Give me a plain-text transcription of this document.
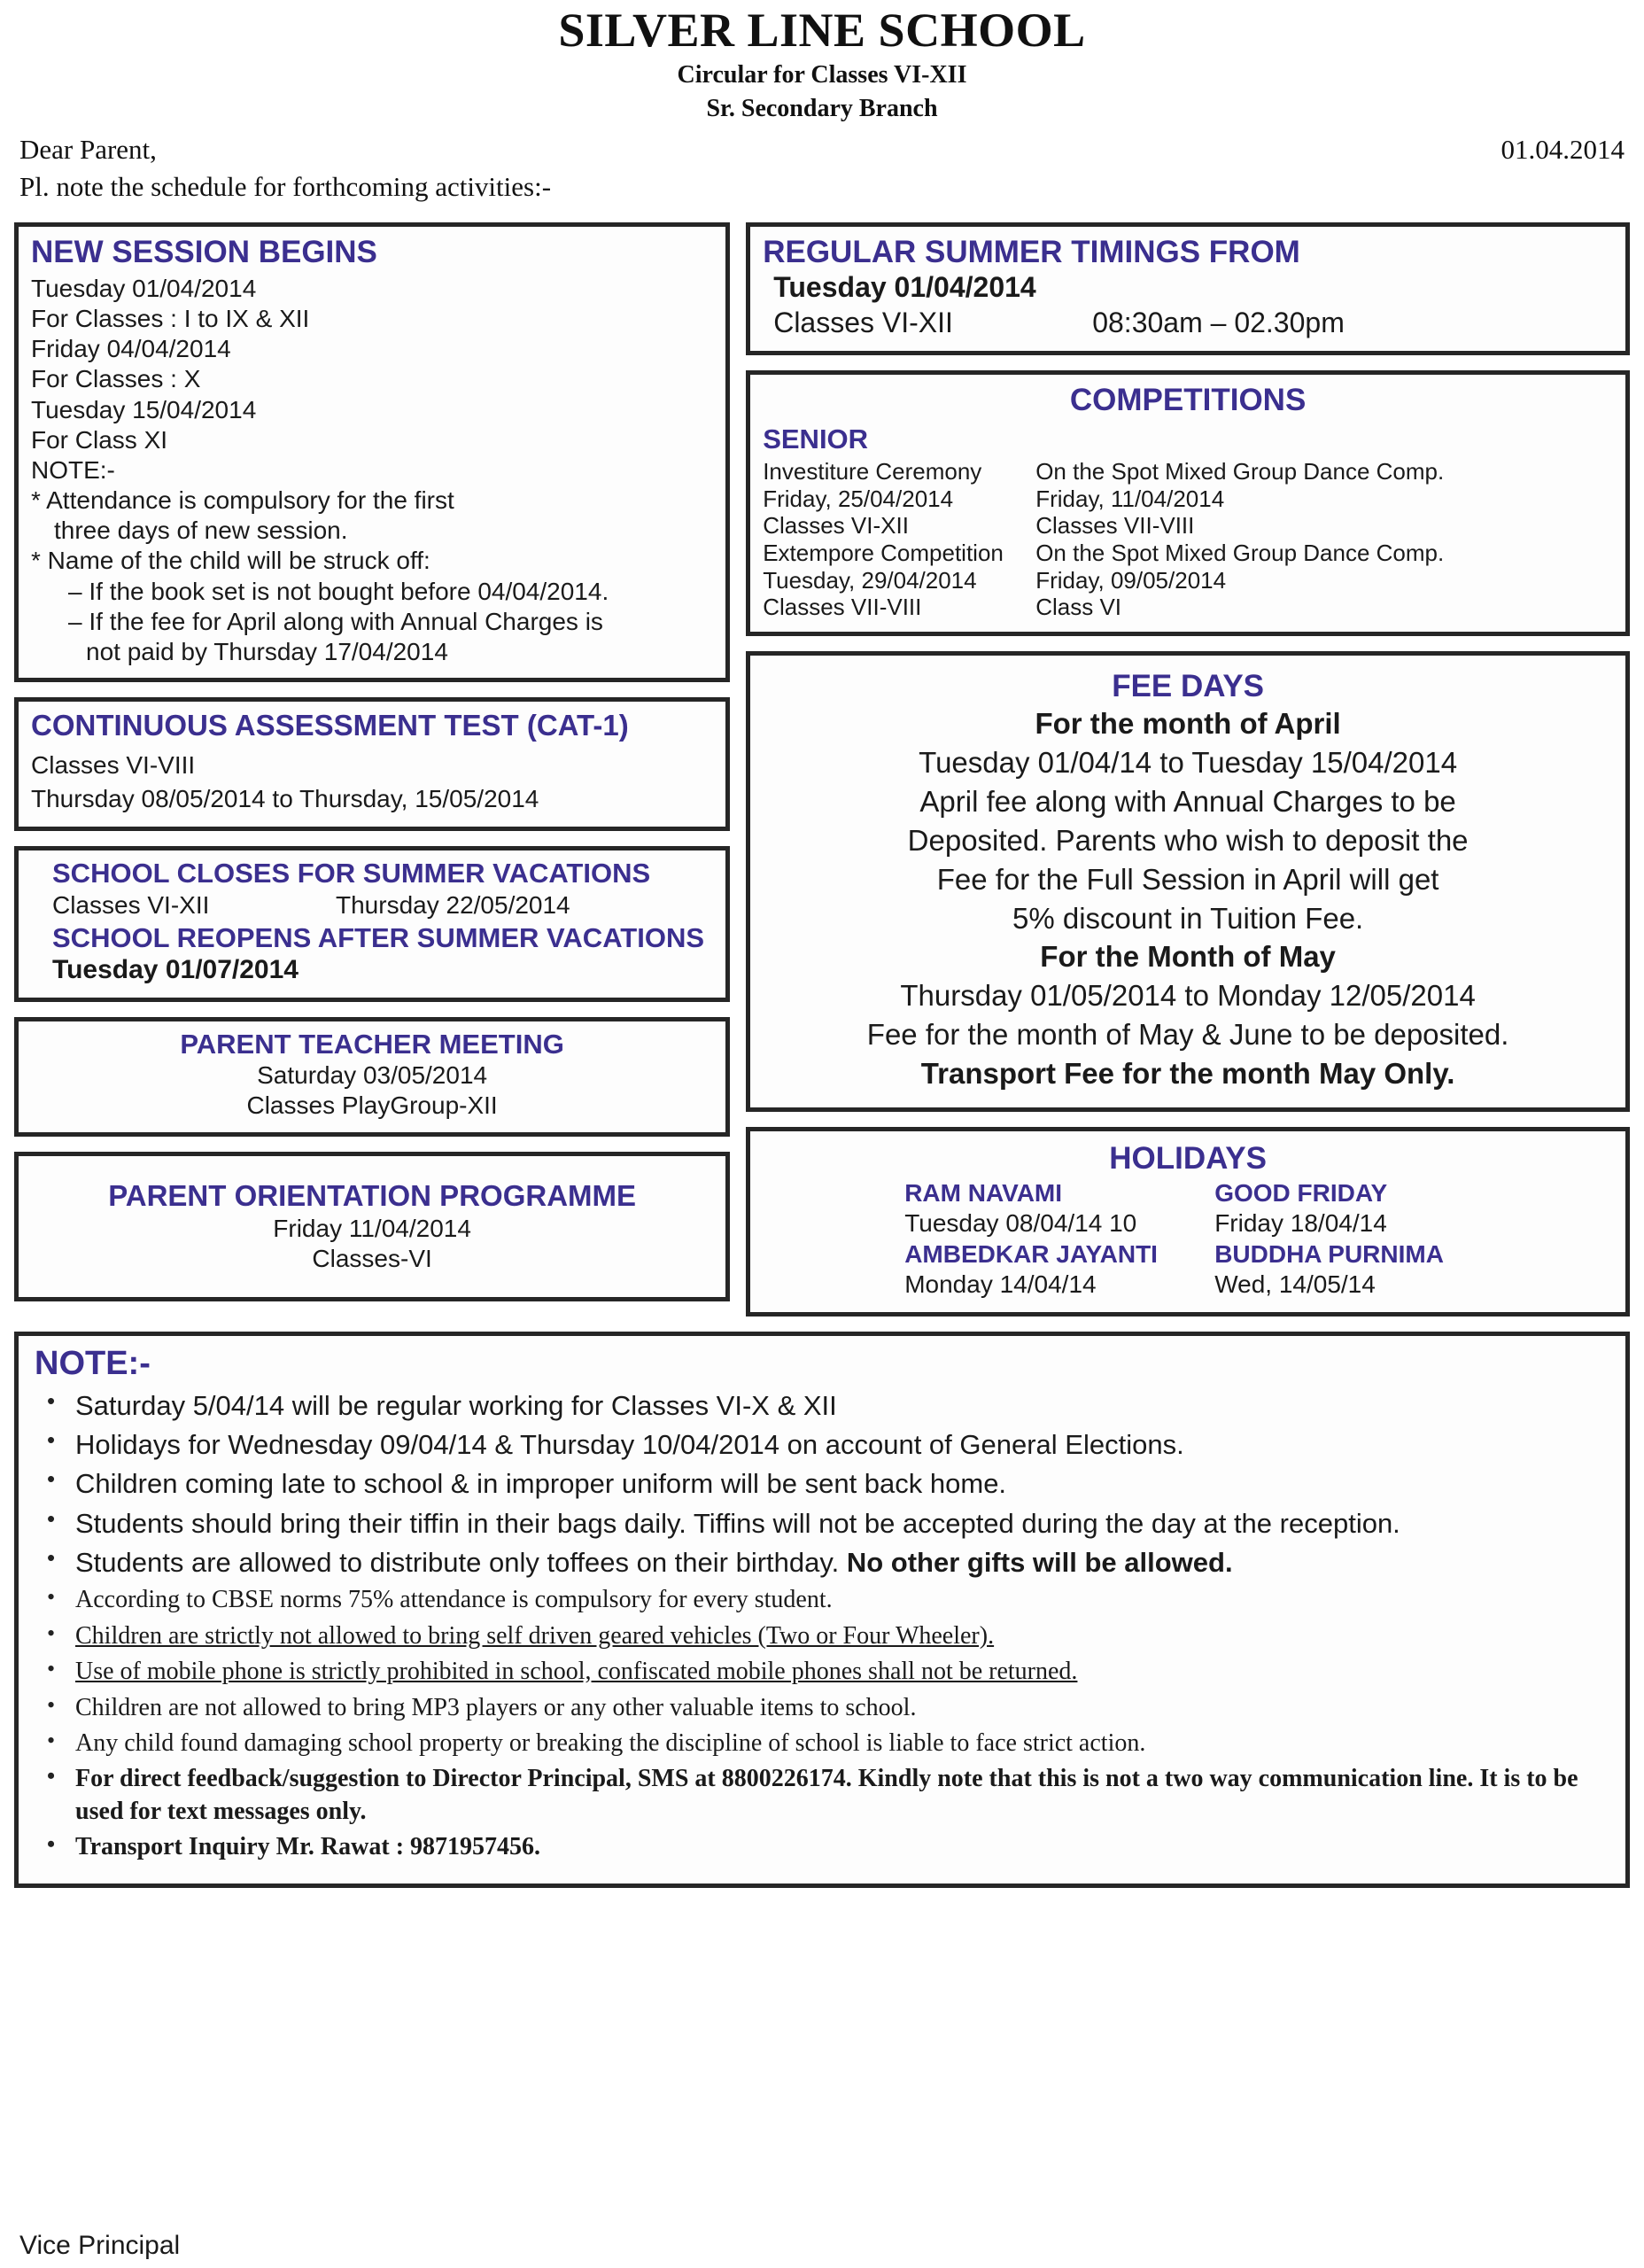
SILVER LINE SCHOOL
Circular for Classes VI-XII
Sr. Secondary Branch
Dear Parent,	01.04.2014
Pl. note the schedule for forthcoming activities:-
NEW SESSION BEGINS
Tuesday 01/04/2014
For Classes : I to IX & XII
Friday 04/04/2014
For Classes : X
Tuesday 15/04/2014
For Class XI
NOTE:-
* Attendance is compulsory for the first
three days of new session.
* Name of the child will be struck off:
– If the book set is not bought before 04/04/2014.
– If the fee for April along with Annual Charges is
not paid by Thursday 17/04/2014
CONTINUOUS ASSESSMENT TEST (CAT-1)
Classes VI-VIII
Thursday 08/05/2014 to Thursday, 15/05/2014
SCHOOL CLOSES FOR SUMMER VACATIONS
Classes VI-XII	Thursday 22/05/2014
SCHOOL REOPENS AFTER SUMMER VACATIONS
Tuesday 01/07/2014
PARENT TEACHER MEETING
Saturday 03/05/2014
Classes PlayGroup-XII
PARENT ORIENTATION PROGRAMME
Friday 11/04/2014
Classes-VI
REGULAR SUMMER TIMINGS FROM
Tuesday 01/04/2014
Classes VI-XII	08:30am – 02.30pm
COMPETITIONS
SENIOR
Investiture Ceremony	On the Spot Mixed Group Dance Comp.
Friday, 25/04/2014	Friday, 11/04/2014
Classes VI-XII	Classes VII-VIII
Extempore Competition	On the Spot Mixed Group Dance Comp.
Tuesday, 29/04/2014	Friday, 09/05/2014
Classes VII-VIII	Class VI
FEE DAYS
For the month of April
Tuesday 01/04/14 to Tuesday 15/04/2014
April fee along with Annual Charges to be
Deposited. Parents who wish to deposit the
Fee for the Full Session in April will get
5% discount in Tuition Fee.
For the Month of May
Thursday 01/05/2014 to Monday 12/05/2014
Fee for the month of May & June to be deposited.
Transport Fee for the month May Only.
HOLIDAYS
RAM NAVAMI	GOOD FRIDAY
Tuesday 08/04/14 10	Friday 18/04/14
AMBEDKAR JAYANTI	BUDDHA PURNIMA
Monday 14/04/14	Wed, 14/05/14
NOTE:-
• Saturday 5/04/14 will be regular working for Classes VI-X & XII
• Holidays for Wednesday 09/04/14 & Thursday 10/04/2014 on account of General Elections.
• Children coming late to school & in improper uniform will be sent back home.
• Students should bring their tiffin in their bags daily. Tiffins will not be accepted during the day at the reception.
• Students are allowed to distribute only toffees on their birthday. No other gifts will be allowed.
• According to CBSE norms 75% attendance is compulsory for every student.
• Children are strictly not allowed to bring self driven geared vehicles (Two or Four Wheeler).
• Use of mobile phone is strictly prohibited in school, confiscated mobile phones shall not be returned.
• Children are not allowed to bring MP3 players or any other valuable items to school.
• Any child found damaging school property or breaking the discipline of school is liable to face strict action.
• For direct feedback/suggestion to Director Principal, SMS at 8800226174. Kindly note that this is not a two way communication line. It is to be used for text messages only.
• Transport Inquiry Mr. Rawat : 9871957456.
Vice Principal
